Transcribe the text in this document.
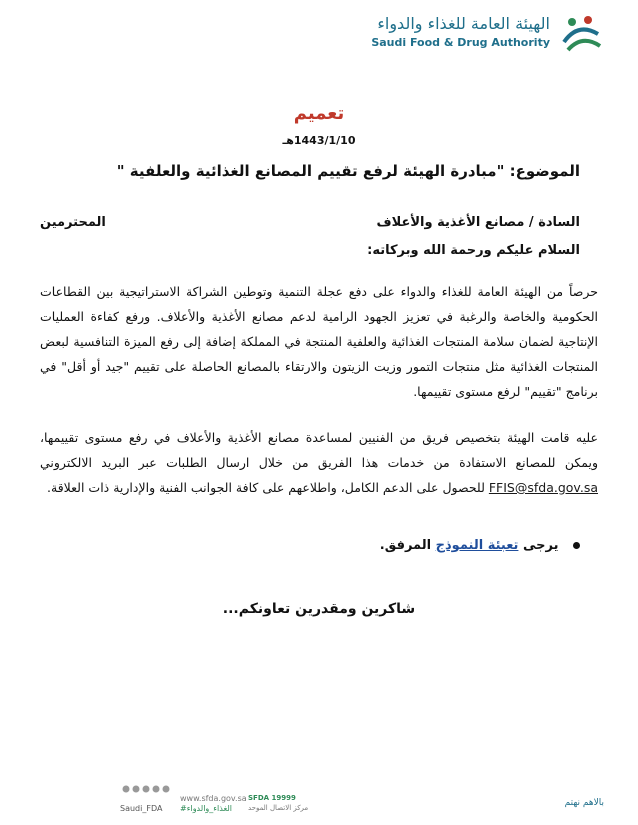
الهيئة العامة للغذاء والدواء
Saudi Food & Drug Authority
تعميم
1443/1/10هـ
الموضوع: "مبادرة الهيئة لرفع تقييم المصانع الغذائية والعلفية "
السادة / مصانع الأغذية والأعلاف
المحترمين
السلام عليكم ورحمة الله وبركاته:
حرصاً من الهيئة العامة للغذاء والدواء على دفع عجلة التنمية وتوطين الشراكة الاستراتيجية بين القطاعات الحكومية والخاصة والرغبة في تعزيز الجهود الرامية لدعم مصانع الأغذية والأعلاف. ورفع كفاءة العمليات الإنتاجية لضمان سلامة المنتجات الغذائية والعلفية المنتجة في المملكة إضافة إلى رفع الميزة التنافسية لبعض المنتجات الغذائية مثل منتجات التمور وزيت الزيتون والارتقاء بالمصانع الحاصلة على تقييم "جيد أو أقل" في برنامج "تقييم" لرفع مستوى تقييمها.
عليه قامت الهيئة بتخصيص فريق من الفنيين لمساعدة مصانع الأغذية والأعلاف في رفع مستوى تقييمها، ويمكن للمصانع الاستفادة من خدمات هذا الفريق من خلال ارسال الطلبات عبر البريد الالكتروني FFIS@sfda.gov.sa للحصول على الدعم الكامل، واطلاعهم على كافة الجوانب الفنية والإدارية ذات العلاقة.
يرجى تعبئة النموذج المرفق.
شاكرين ومقدرين تعاونكم...
Saudi_FDA
www.sfda.gov.sa
#الغذاء_والدواء
SFDA 19999
مركز الاتصال الموحد	بالاهم نهتم
